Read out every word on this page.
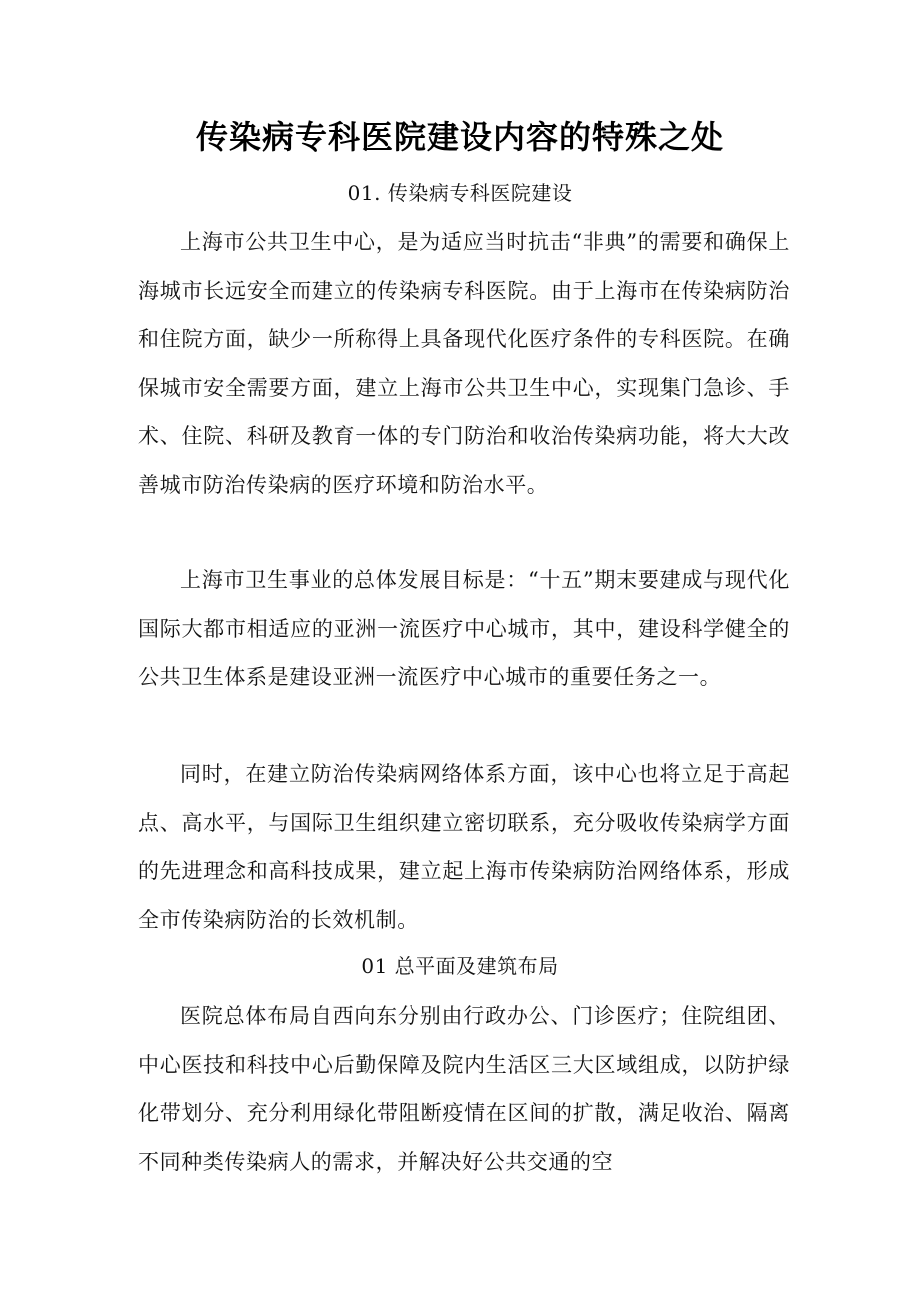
传染病专科医院建设内容的特殊之处
01. 传染病专科医院建设

上海市公共卫生中心，是为适应当时抗击“非典”的需要和确保上海城市长远安全而建立的传染病专科医院。由于上海市在传染病防治和住院方面，缺少一所称得上具备现代化医疗条件的专科医院。在确保城市安全需要方面，建立上海市公共卫生中心，实现集门急诊、手术、住院、科研及教育一体的专门防治和收治传染病功能，将大大改善城市防治传染病的医疗环境和防治水平。

上海市卫生事业的总体发展目标是：“十五”期末要建成与现代化国际大都市相适应的亚洲一流医疗中心城市，其中，建设科学健全的公共卫生体系是建设亚洲一流医疗中心城市的重要任务之一。

同时，在建立防治传染病网络体系方面，该中心也将立足于高起点、高水平，与国际卫生组织建立密切联系，充分吸收传染病学方面的先进理念和高科技成果，建立起上海市传染病防治网络体系，形成全市传染病防治的长效机制。

01 总平面及建筑布局

医院总体布局自西向东分别由行政办公、门诊医疗；住院组团、中心医技和科技中心后勤保障及院内生活区三大区域组成，以防护绿化带划分、充分利用绿化带阻断疫情在区间的扩散，满足收治、隔离不同种类传染病人的需求，并解决好公共交通的空
